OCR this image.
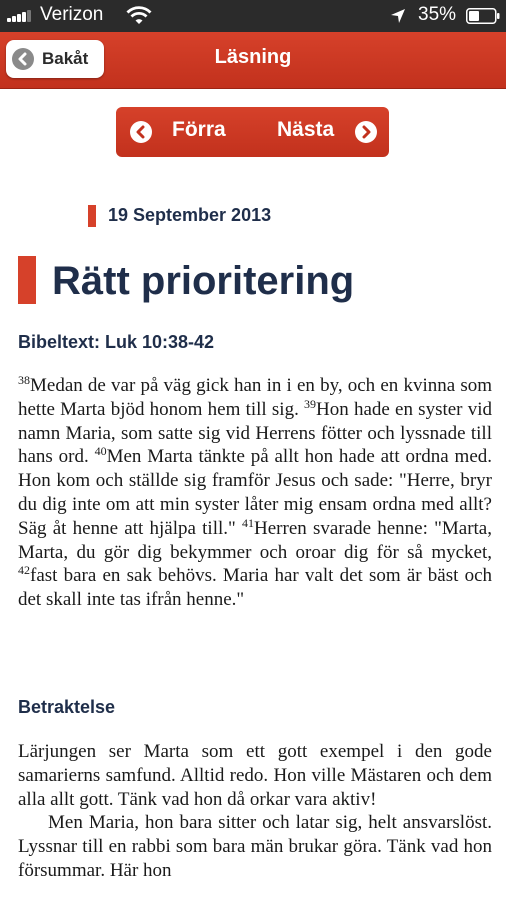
Verizon	35%
Bakåt	Läsning
Förra Nästa
19 September 2013
Rätt prioritering
Bibeltext: Luk 10:38-42

$^{38}$Medan de var på väg gick han in i en by, och en kvinna som hette Marta bjöd honom hem till sig. $^{39}$Hon hade en syster vid namn Maria, som satte sig vid Herrens fötter och lyssnade till hans ord. $^{40}$Men Marta tänkte på allt hon hade att ordna med. Hon kom och ställde sig framför Jesus och sade: "Herre, bryr du dig inte om att min syster låter mig ensam ordna med allt? Säg åt henne att hjälpa till." $^{41}$Herren svarade henne: "Marta, Marta, du gör dig bekymmer och oroar dig för så mycket, $^{42}$fast bara en sak behövs. Maria har valt det som är bäst och det skall inte tas ifrån henne."

Betraktelse

Lärjungen ser Marta som ett gott exempel i den gode samarierns samfund. Alltid redo. Hon ville Mästaren och dem alla allt gott. Tänk vad hon då orkar vara aktiv!

Men Maria, hon bara sitter och latar sig, helt ansvarslöst. Lyssnar till en rabbi som bara män brukar göra. Tänk vad hon försummar. Här hon
